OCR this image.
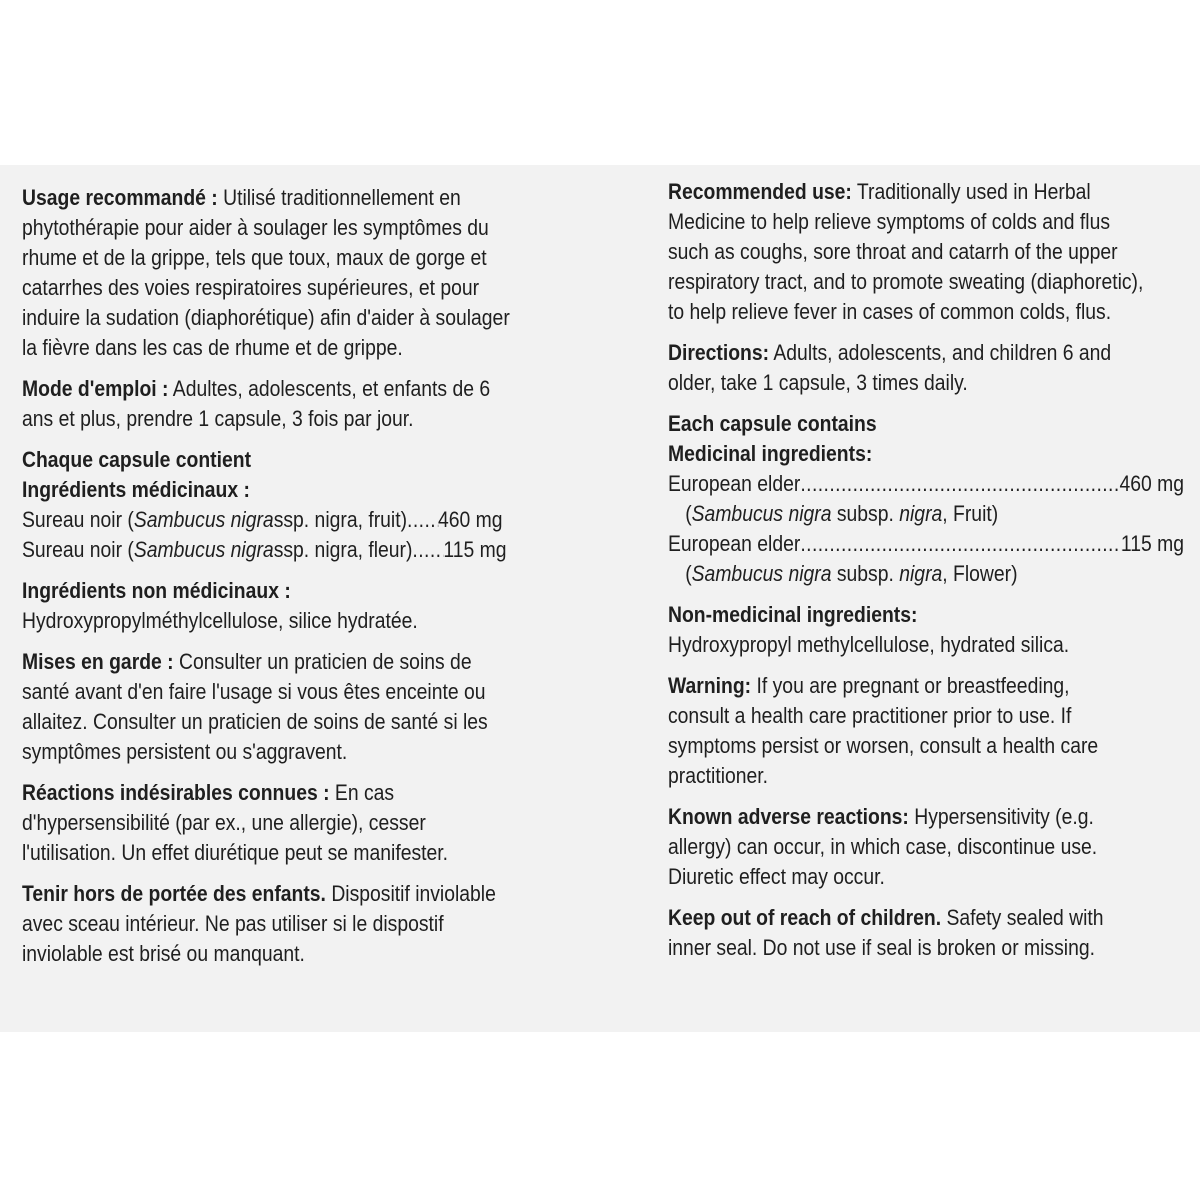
Usage recommandé : Utilisé traditionnellement en
phytothérapie pour aider à soulager les symptômes du
rhume et de la grippe, tels que toux, maux de gorge et
catarrhes des voies respiratoires supérieures, et pour
induire la sudation (diaphorétique) afin d'aider à soulager
la fièvre dans les cas de rhume et de grippe.
Mode d'emploi : Adultes, adolescents, et enfants de 6
ans et plus, prendre 1 capsule, 3 fois par jour.
Chaque capsule contient
Ingrédients médicinaux :
Sureau noir ( Sambucus nigra ssp. nigra, fruit) ..... 460 mg
Sureau noir ( Sambucus nigra ssp. nigra, fleur) ..... 115 mg
Ingrédients non médicinaux :
Hydroxypropylméthylcellulose, silice hydratée.
Mises en garde : Consulter un praticien de soins de
santé avant d'en faire l'usage si vous êtes enceinte ou
allaitez. Consulter un praticien de soins de santé si les
symptômes persistent ou s'aggravent.
Réactions indésirables connues : En cas
d'hypersensibilité (par ex., une allergie), cesser
l'utilisation. Un effet diurétique peut se manifester.
Tenir hors de portée des enfants. Dispositif inviolable
avec sceau intérieur. Ne pas utiliser si le dispostif
inviolable est brisé ou manquant.
Recommended use: Traditionally used in Herbal
Medicine to help relieve symptoms of colds and flus
such as coughs, sore throat and catarrh of the upper
respiratory tract, and to promote sweating (diaphoretic),
to help relieve fever in cases of common colds, flus.
Directions: Adults, adolescents, and children 6 and
older, take 1 capsule, 3 times daily.
Each capsule contains
Medicinal ingredients:
European elder .....	460 mg
(Sambucus nigra subsp. nigra, Fruit)
European elder .....	115 mg
(Sambucus nigra subsp. nigra, Flower)
Non-medicinal ingredients:
Hydroxypropyl methylcellulose, hydrated silica.
Warning: If you are pregnant or breastfeeding,
consult a health care practitioner prior to use. If
symptoms persist or worsen, consult a health care
practitioner.
Known adverse reactions: Hypersensitivity (e.g.
allergy) can occur, in which case, discontinue use.
Diuretic effect may occur.
Keep out of reach of children. Safety sealed with
inner seal. Do not use if seal is broken or missing.
